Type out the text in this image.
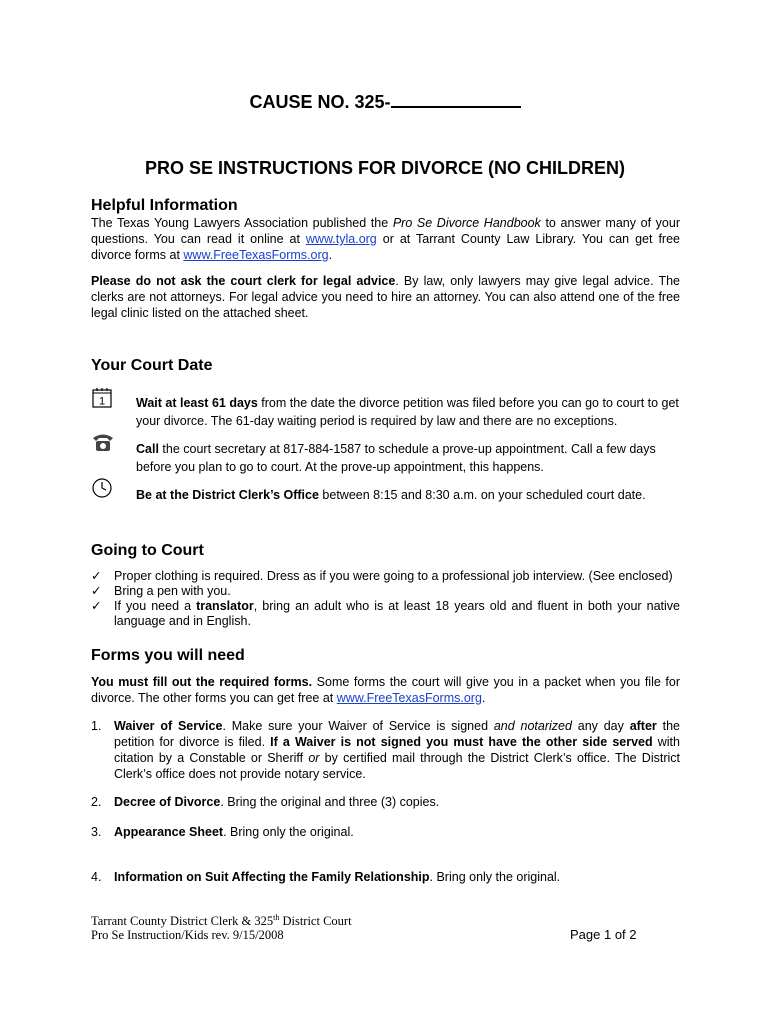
CAUSE NO. 325-
PRO SE INSTRUCTIONS FOR DIVORCE (NO CHILDREN)
Helpful Information
The Texas Young Lawyers Association published the Pro Se Divorce Handbook to answer many of your questions. You can read it online at www.tyla.org or at Tarrant County Law Library. You can get free divorce forms at www.FreeTexasForms.org.
Please do not ask the court clerk for legal advice. By law, only lawyers may give legal advice. The clerks are not attorneys. For legal advice you need to hire an attorney. You can also attend one of the free legal clinic listed on the attached sheet.
Your Court Date
1 Wait at least 61 days from the date the divorce petition was filed before you can go to court to get your divorce. The 61-day waiting period is required by law and there are no exceptions.
Call the court secretary at 817-884-1587 to schedule a prove-up appointment. Call a few days before you plan to go to court. At the prove-up appointment, this happens.
Be at the District Clerk’s Office between 8:15 and 8:30 a.m. on your scheduled court date.
Going to Court
✓ Proper clothing is required. Dress as if you were going to a professional job interview. (See enclosed)
✓ Bring a pen with you.
✓ If you need a translator, bring an adult who is at least 18 years old and fluent in both your native language and in English.
Forms you will need
You must fill out the required forms. Some forms the court will give you in a packet when you file for divorce. The other forms you can get free at www.FreeTexasForms.org.
1. Waiver of Service. Make sure your Waiver of Service is signed and notarized any day after the petition for divorce is filed. If a Waiver is not signed you must have the other side served with citation by a Constable or Sheriff or by certified mail through the District Clerk’s office. The District Clerk’s office does not provide notary service.
2. Decree of Divorce. Bring the original and three (3) copies.
3. Appearance Sheet. Bring only the original.
4. Information on Suit Affecting the Family Relationship. Bring only the original.
Tarrant County District Clerk & 325th District Court
Pro Se Instruction/Kids rev. 9/15/2008	Page 1 of 2
